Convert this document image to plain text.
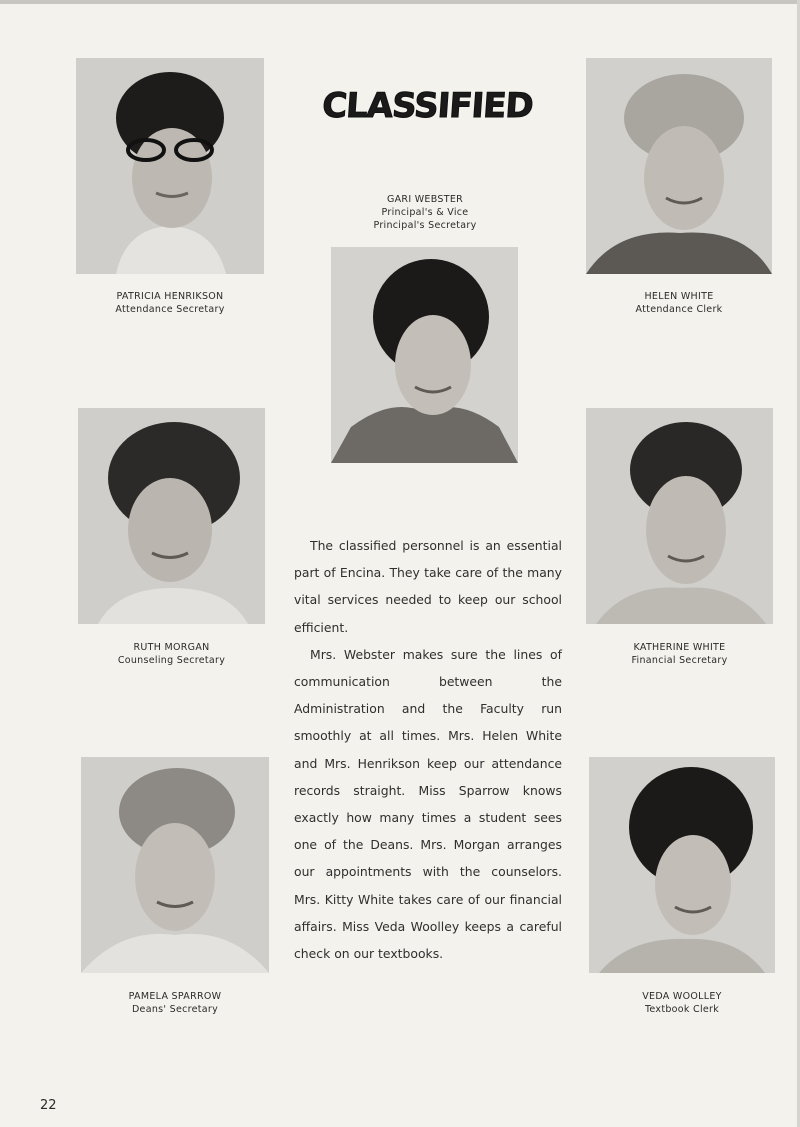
CLASSIFIED
PATRICIA HENRIKSON
Attendance Secretary
GARI WEBSTER
Principal's & Vice
Principal's Secretary
HELEN WHITE
Attendance Clerk
RUTH MORGAN
Counseling Secretary
KATHERINE WHITE
Financial Secretary

The classified personnel is an essential part of Encina. They take care of the many vital services needed to keep our school efficient.

Mrs. Webster makes sure the lines of communication between the Administration and the Faculty run smoothly at all times. Mrs. Helen White and Mrs. Henrikson keep our attendance records straight. Miss Sparrow knows exactly how many times a student sees one of the Deans. Mrs. Morgan arranges our appointments with the counselors. Mrs. Kitty White takes care of our financial affairs. Miss Veda Woolley keeps a careful check on our textbooks.

PAMELA SPARROW
Deans' Secretary
VEDA WOOLLEY
Textbook Clerk
22
